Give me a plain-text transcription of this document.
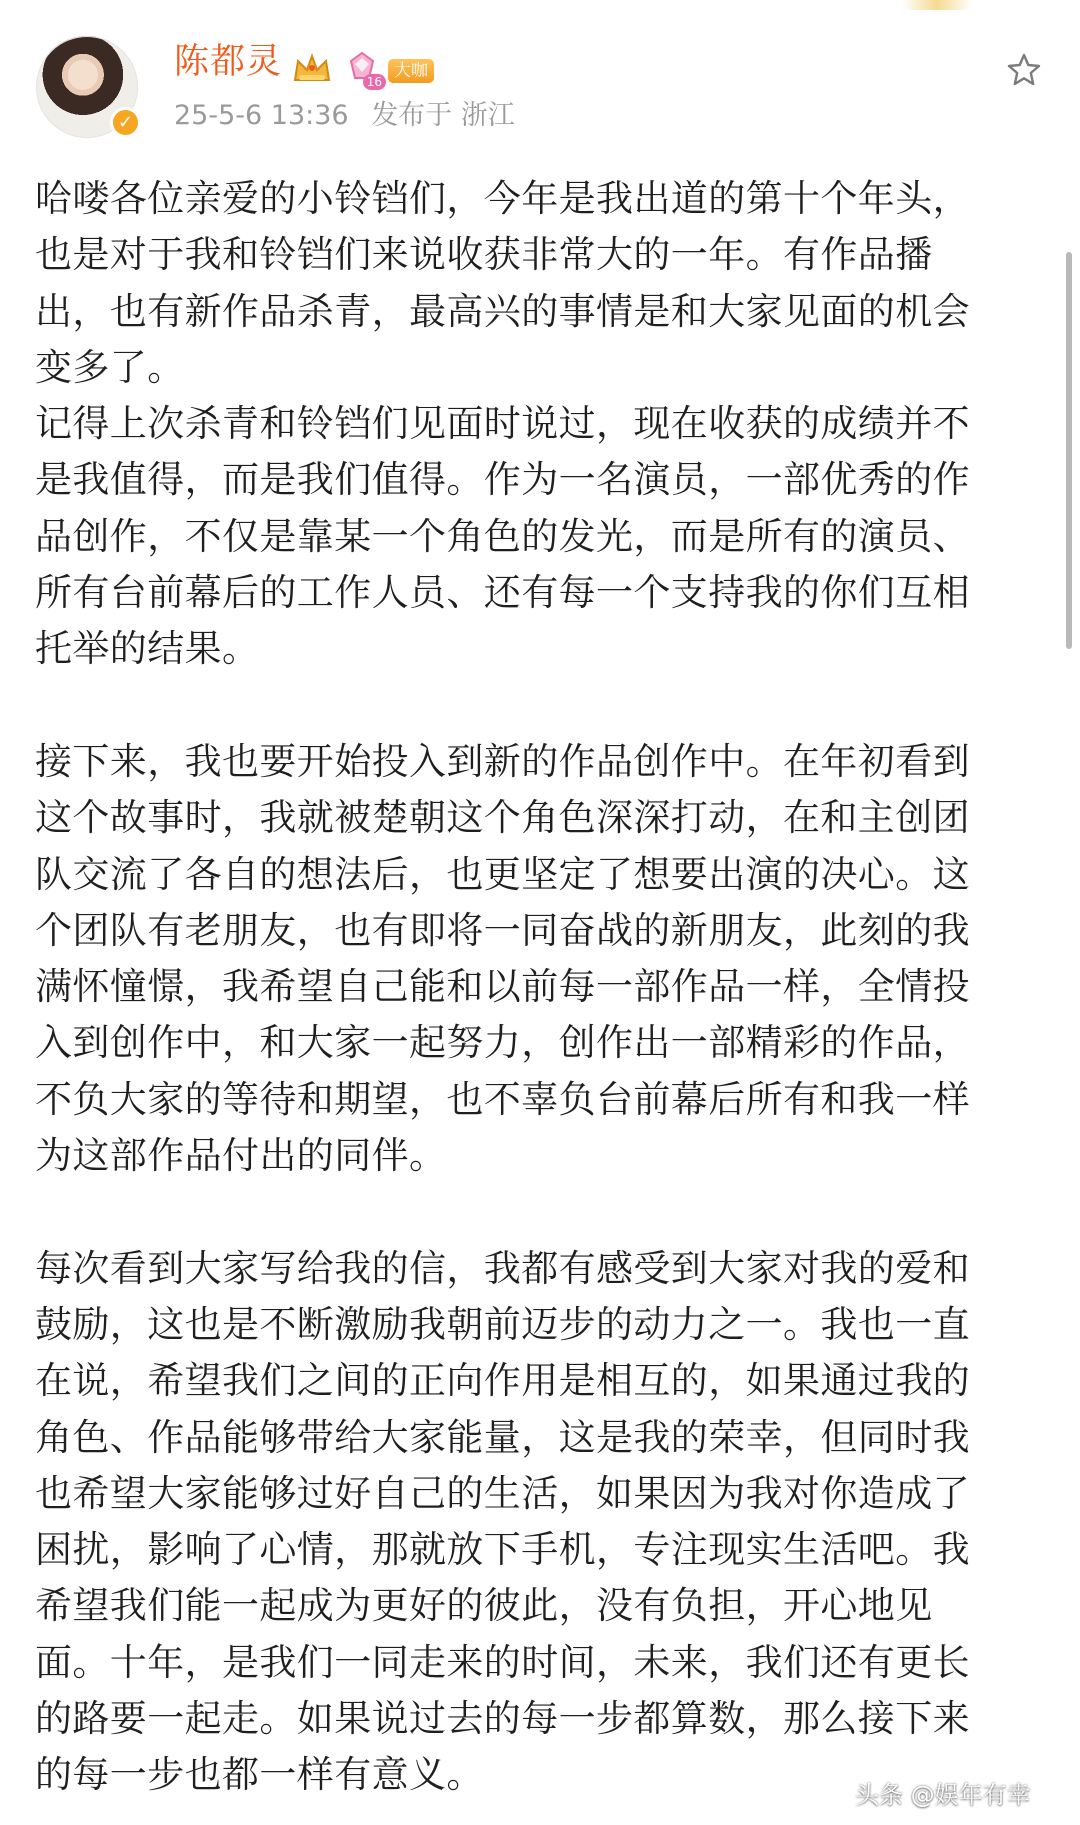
✓
陈都灵	16
大咖
25-5-6 13:36 发布于 浙江

哈喽各位亲爱的小铃铛们，今年是我出道的第十个年头，
也是对于我和铃铛们来说收获非常大的一年。有作品播
出，也有新作品杀青，最高兴的事情是和大家见面的机会
变多了。
记得上次杀青和铃铛们见面时说过，现在收获的成绩并不
是我值得，而是我们值得。作为一名演员，一部优秀的作
品创作，不仅是靠某一个角色的发光，而是所有的演员、
所有台前幕后的工作人员、还有每一个支持我的你们互相
托举的结果。

接下来，我也要开始投入到新的作品创作中。在年初看到
这个故事时，我就被楚朝这个角色深深打动，在和主创团
队交流了各自的想法后，也更坚定了想要出演的决心。这
个团队有老朋友，也有即将一同奋战的新朋友，此刻的我
满怀憧憬，我希望自己能和以前每一部作品一样，全情投
入到创作中，和大家一起努力，创作出一部精彩的作品，
不负大家的等待和期望，也不辜负台前幕后所有和我一样
为这部作品付出的同伴。

每次看到大家写给我的信，我都有感受到大家对我的爱和
鼓励，这也是不断激励我朝前迈步的动力之一。我也一直
在说，希望我们之间的正向作用是相互的，如果通过我的
角色、作品能够带给大家能量，这是我的荣幸，但同时我
也希望大家能够过好自己的生活，如果因为我对你造成了
困扰，影响了心情，那就放下手机，专注现实生活吧。我
希望我们能一起成为更好的彼此，没有负担，开心地见
面。十年，是我们一同走来的时间，未来，我们还有更长
的路要一起走。如果说过去的每一步都算数，那么接下来
的每一步也都一样有意义。	头条 @娱年有幸
